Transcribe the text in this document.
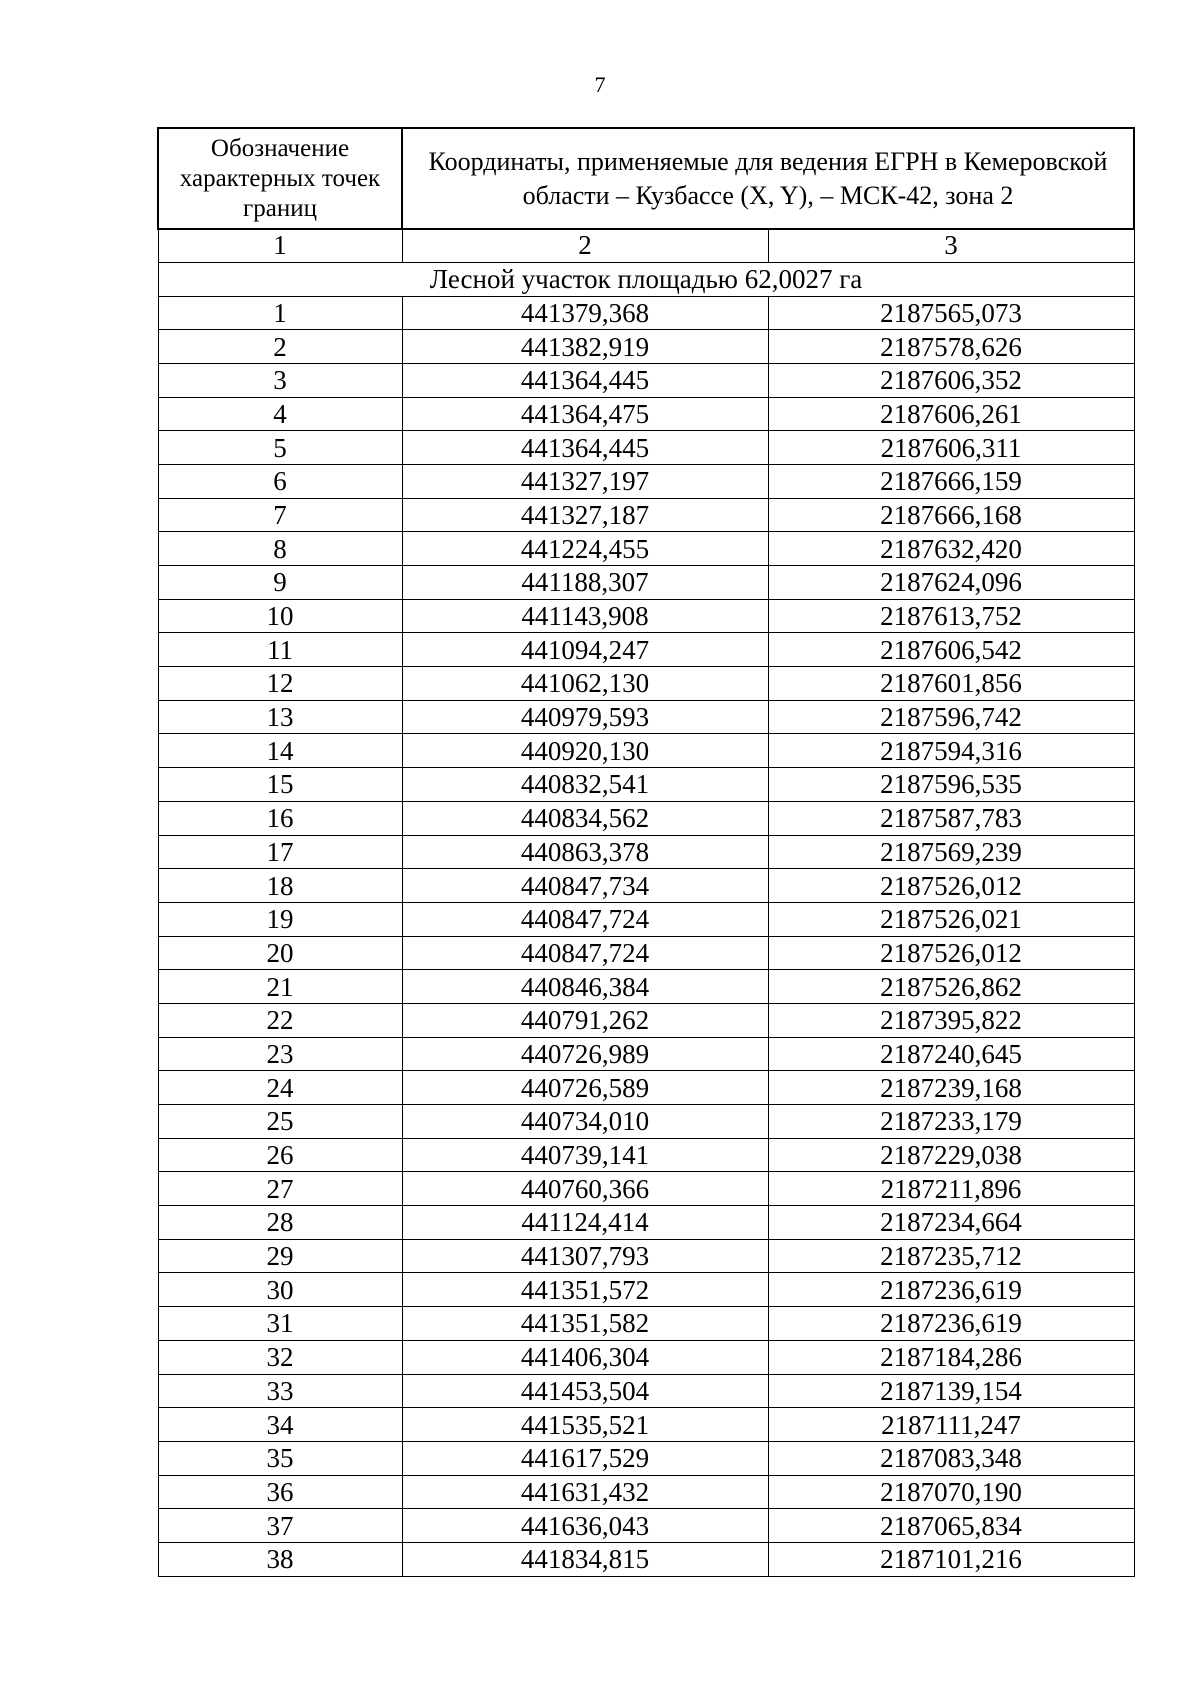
7
Обозначение характерных точек границ	Координаты, применяемые для ведения ЕГРН в Кемеровской области – Кузбассе (X, Y), – МСК-42, зона 2	
1	2	3
Лесной участок площадью 62,0027 га		
1	441379,368	2187565,073
2	441382,919	2187578,626
3	441364,445	2187606,352
4	441364,475	2187606,261
5	441364,445	2187606,311
6	441327,197	2187666,159
7	441327,187	2187666,168
8	441224,455	2187632,420
9	441188,307	2187624,096
10	441143,908	2187613,752
11	441094,247	2187606,542
12	441062,130	2187601,856
13	440979,593	2187596,742
14	440920,130	2187594,316
15	440832,541	2187596,535
16	440834,562	2187587,783
17	440863,378	2187569,239
18	440847,734	2187526,012
19	440847,724	2187526,021
20	440847,724	2187526,012
21	440846,384	2187526,862
22	440791,262	2187395,822
23	440726,989	2187240,645
24	440726,589	2187239,168
25	440734,010	2187233,179
26	440739,141	2187229,038
27	440760,366	2187211,896
28	441124,414	2187234,664
29	441307,793	2187235,712
30	441351,572	2187236,619
31	441351,582	2187236,619
32	441406,304	2187184,286
33	441453,504	2187139,154
34	441535,521	2187111,247
35	441617,529	2187083,348
36	441631,432	2187070,190
37	441636,043	2187065,834
38	441834,815	2187101,216
